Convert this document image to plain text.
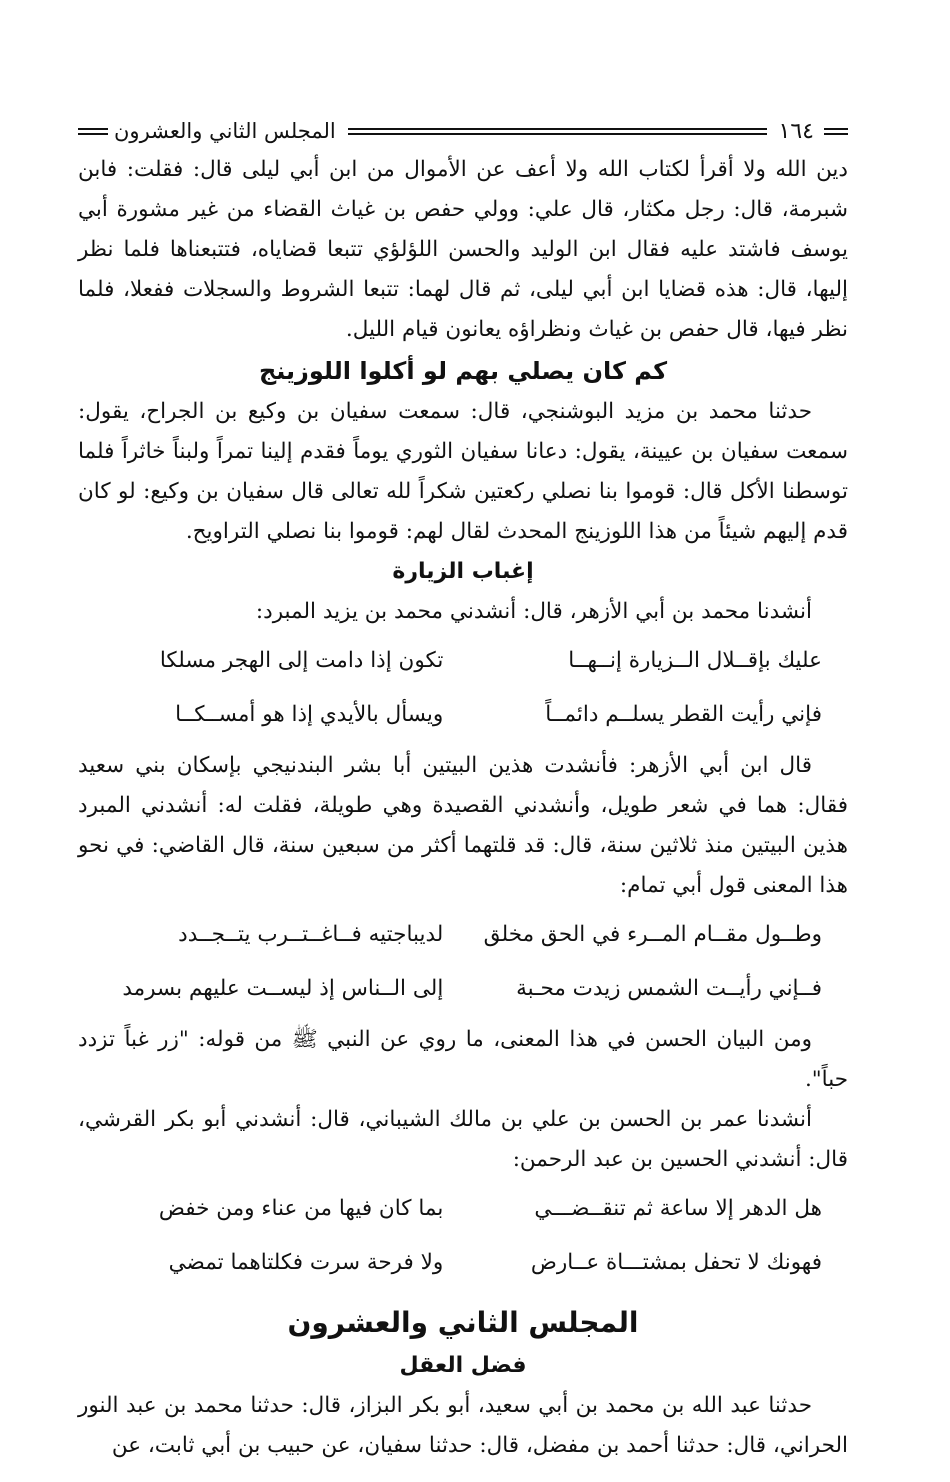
١٦٤
المجلس الثاني والعشرون

دين الله ولا أقرأ لكتاب الله ولا أعف عن الأموال من ابن أبي ليلى قال: فقلت: فابن شبرمة، قال: رجل مكثار، قال علي: وولي حفص بن غياث القضاء من غير مشورة أبي يوسف فاشتد عليه فقال ابن الوليد والحسن اللؤلؤي تتبعا قضاياه، فتتبعناها فلما نظر إليها، قال: هذه قضايا ابن أبي ليلى، ثم قال لهما: تتبعا الشروط والسجلات ففعلا، فلما نظر فيها، قال حفص بن غياث ونظراؤه يعانون قيام الليل.

كم كان يصلي بهم لو أكلوا اللوزينج

حدثنا محمد بن مزيد البوشنجي، قال: سمعت سفيان بن وكيع بن الجراح، يقول: سمعت سفيان بن عيينة، يقول: دعانا سفيان الثوري يوماً فقدم إلينا تمراً ولبناً خاثراً فلما توسطنا الأكل قال: قوموا بنا نصلي ركعتين شكراً لله تعالى قال سفيان بن وكيع: لو كان قدم إليهم شيئاً من هذا اللوزينج المحدث لقال لهم: قوموا بنا نصلي التراويح.

إغباب الزيارة

أنشدنا محمد بن أبي الأزهر، قال: أنشدني محمد بن يزيد المبرد:

عليك بإقــلال الــزيارة إنــهــا
تكون إذا دامت إلى الهجر مسلكا
فإني رأيت القطر يسلــم دائمــاً
ويسأل بالأيدي إذا هو أمســكــا

قال ابن أبي الأزهر: فأنشدت هذين البيتين أبا بشر البندنيجي بإسكان بني سعيد فقال: هما في شعر طويل، وأنشدني القصيدة وهي طويلة، فقلت له: أنشدني المبرد هذين البيتين منذ ثلاثين سنة، قال: قد قلتهما أكثر من سبعين سنة، قال القاضي: في نحو هذا المعنى قول أبي تمام:

وطــول مقــام المــرء في الحق مخلق
لديباجتيه فــاغــتــرب يتــجــدد
فــإني رأيــت الشمس زيدت محـبة
إلى الــناس إذ ليســت عليهم بسرمد

ومن البيان الحسن في هذا المعنى، ما روي عن النبي ﷺ من قوله: "زر غباً تزدد حباً".

أنشدنا عمر بن الحسن بن علي بن مالك الشيباني، قال: أنشدني أبو بكر القرشي، قال: أنشدني الحسين بن عبد الرحمن:

هل الدهر إلا ساعة ثم تنقــضـــي
بما كان فيها من عناء ومن خفض
فهونك لا تحفل بمشتـــاة عــارض
ولا فرحة سرت فكلتاهما تمضي
المجلس الثاني والعشرون
فضل العقل

حدثنا عبد الله بن محمد بن أبي سعيد، أبو بكر البزاز، قال: حدثنا محمد بن عبد النور الحراني، قال: حدثنا أحمد بن مفضل، قال: حدثنا سفيان، عن حبيب بن أبي ثابت، عن
